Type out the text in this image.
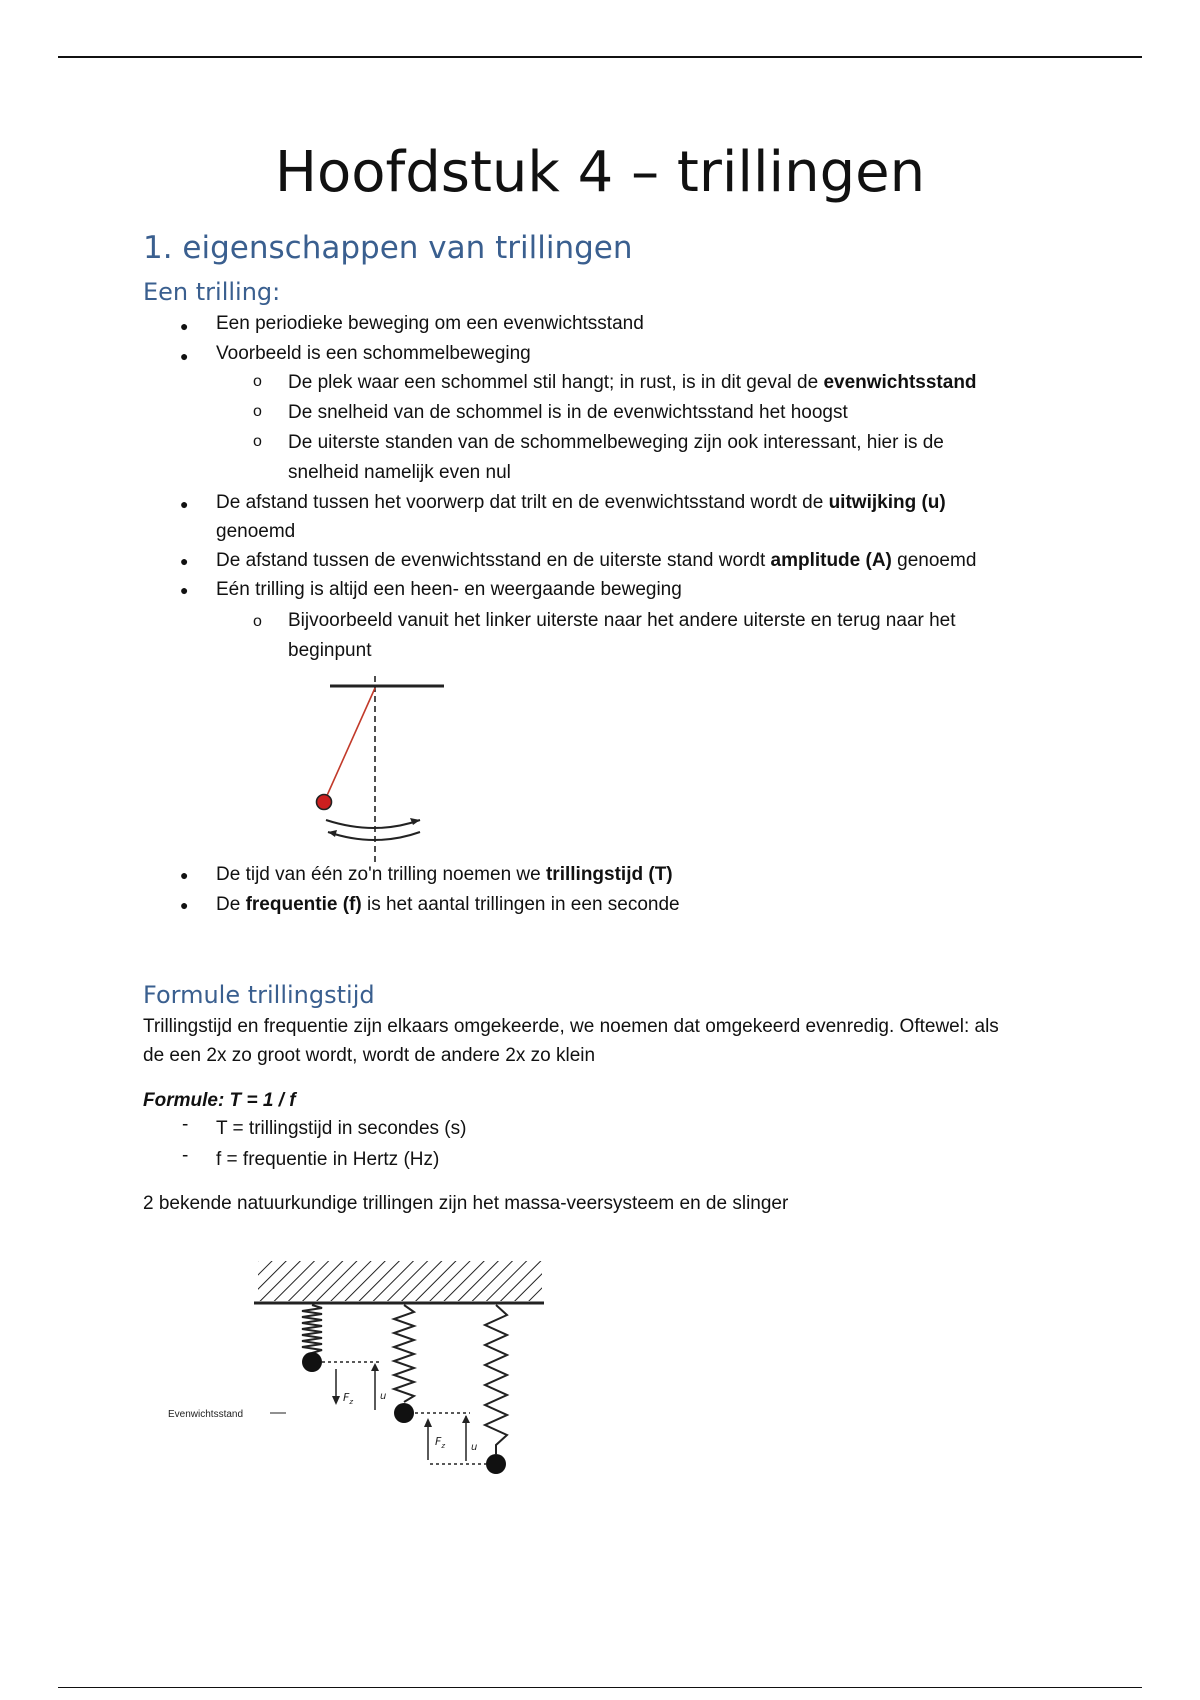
Hoofdstuk 4 – trillingen
1. eigenschappen van trillingen
Een trilling:
● Een periodieke beweging om een evenwichtsstand
● Voorbeeld is een schommelbeweging
o De plek waar een schommel stil hangt; in rust, is in dit geval de evenwichtsstand
o De snelheid van de schommel is in de evenwichtsstand het hoogst
o De uiterste standen van de schommelbeweging zijn ook interessant, hier is de
snelheid namelijk even nul
● De afstand tussen het voorwerp dat trilt en de evenwichtsstand wordt de uitwijking (u)
genoemd
● De afstand tussen de evenwichtsstand en de uiterste stand wordt amplitude (A) genoemd
● Eén trilling is altijd een heen- en weergaande beweging
o Bijvoorbeeld vanuit het linker uiterste naar het andere uiterste en terug naar het
beginpunt
● De tijd van één zo'n trilling noemen we trillingstijd (T)
● De frequentie (f) is het aantal trillingen in een seconde
Formule trillingstijd
Trillingstijd en frequentie zijn elkaars omgekeerde, we noemen dat omgekeerd evenredig. Oftewel: als
de een 2x zo groot wordt, wordt de andere 2x zo klein
Formule: T = 1 / f
- T = trillingstijd in secondes (s)
- f = frequentie in Hertz (Hz)
2 bekende natuurkundige trillingen zijn het massa-veersysteem en de slinger
$F_z$	u
$F_z$	u
Evenwichtsstand
